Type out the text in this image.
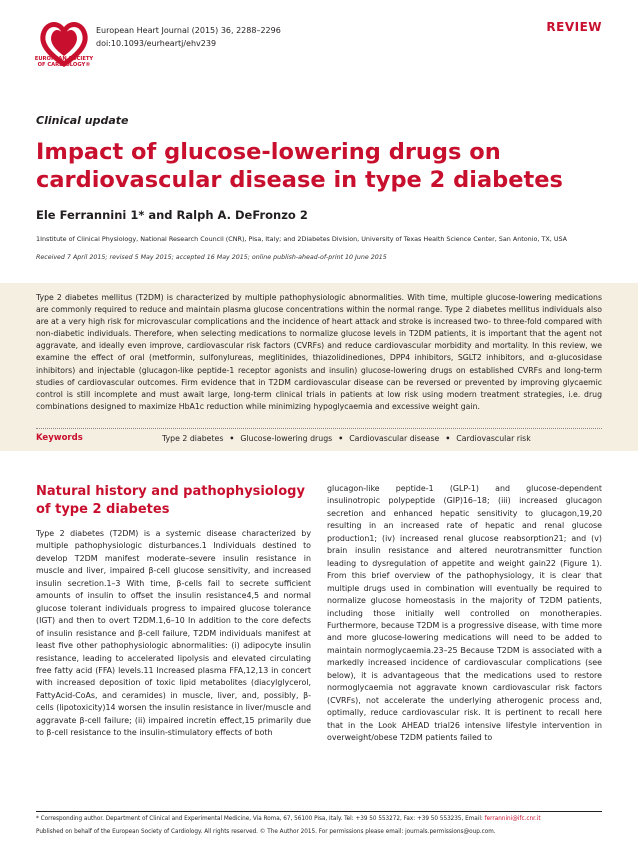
EUROPEAN SOCIETY OF CARDIOLOGY®
European Heart Journal (2015) 36, 2288–2296
doi:10.1093/eurheartj/ehv239
REVIEW
Clinical update
Impact of glucose-lowering drugs on cardiovascular disease in type 2 diabetes
Ele Ferrannini 1* and Ralph A. DeFronzo 2
1Institute of Clinical Physiology, National Research Council (CNR), Pisa, Italy; and 2Diabetes Division, University of Texas Health Science Center, San Antonio, TX, USA
Received 7 April 2015; revised 5 May 2015; accepted 16 May 2015; online publish-ahead-of-print 10 June 2015
Type 2 diabetes mellitus (T2DM) is characterized by multiple pathophysiologic abnormalities. With time, multiple glucose-lowering medications are commonly required to reduce and maintain plasma glucose concentrations within the normal range. Type 2 diabetes mellitus individuals also are at a very high risk for microvascular complications and the incidence of heart attack and stroke is increased two- to three-fold compared with non-diabetic individuals. Therefore, when selecting medications to normalize glucose levels in T2DM patients, it is important that the agent not aggravate, and ideally even improve, cardiovascular risk factors (CVRFs) and reduce cardiovascular morbidity and mortality. In this review, we examine the effect of oral (metformin, sulfonylureas, meglitinides, thiazolidinediones, DPP4 inhibitors, SGLT2 inhibitors, and α-glucosidase inhibitors) and injectable (glucagon-like peptide-1 receptor agonists and insulin) glucose-lowering drugs on established CVRFs and long-term studies of cardiovascular outcomes. Firm evidence that in T2DM cardiovascular disease can be reversed or prevented by improving glycaemic control is still incomplete and must await large, long-term clinical trials in patients at low risk using modern treatment strategies, i.e. drug combinations designed to maximize HbA1c reduction while minimizing hypoglycaemia and excessive weight gain.
Keywords	Type 2 diabetes • Glucose-lowering drugs • Cardiovascular disease • Cardiovascular risk
Natural history and pathophysiology of type 2 diabetes

Type 2 diabetes (T2DM) is a systemic disease characterized by multiple pathophysiologic disturbances.1 Individuals destined to develop T2DM manifest moderate–severe insulin resistance in muscle and liver, impaired β-cell glucose sensitivity, and increased insulin secretion.1–3 With time, β-cells fail to secrete sufficient amounts of insulin to offset the insulin resistance4,5 and normal glucose tolerant individuals progress to impaired glucose tolerance (IGT) and then to overt T2DM.1,6–10 In addition to the core defects of insulin resistance and β-cell failure, T2DM individuals manifest at least five other pathophysiologic abnormalities: (i) adipocyte insulin resistance, leading to accelerated lipolysis and elevated circulating free fatty acid (FFA) levels.11 Increased plasma FFA,12,13 in concert with increased deposition of toxic lipid metabolites (diacylglycerol, FattyAcid-CoAs, and ceramides) in muscle, liver, and, possibly, β-cells (lipotoxicity)14 worsen the insulin resistance in liver/muscle and aggravate β-cell failure; (ii) impaired incretin effect,15 primarily due to β-cell resistance to the insulin-stimulatory effects of both

glucagon-like peptide-1 (GLP-1) and glucose-dependent insulinotropic polypeptide (GIP)16–18; (iii) increased glucagon secretion and enhanced hepatic sensitivity to glucagon,19,20 resulting in an increased rate of hepatic and renal glucose production1; (iv) increased renal glucose reabsorption21; and (v) brain insulin resistance and altered neurotransmitter function leading to dysregulation of appetite and weight gain22 (Figure 1). From this brief overview of the pathophysiology, it is clear that multiple drugs used in combination will eventually be required to normalize glucose homeostasis in the majority of T2DM patients, including those initially well controlled on monotherapies. Furthermore, because T2DM is a progressive disease, with time more and more glucose-lowering medications will need to be added to maintain normoglycaemia.23–25 Because T2DM is associated with a markedly increased incidence of cardiovascular complications (see below), it is advantageous that the medications used to restore normoglycaemia not aggravate known cardiovascular risk factors (CVRFs), not accelerate the underlying atherogenic process and, optimally, reduce cardiovascular risk. It is pertinent to recall here that in the Look AHEAD trial26 intensive lifestyle intervention in overweight/obese T2DM patients failed to

* Corresponding author. Department of Clinical and Experimental Medicine, Via Roma, 67, 56100 Pisa, Italy. Tel: +39 50 553272, Fax: +39 50 553235, Email: ferrannini@ifc.cnr.it
Published on behalf of the European Society of Cardiology. All rights reserved. © The Author 2015. For permissions please email: journals.permissions@oup.com.
